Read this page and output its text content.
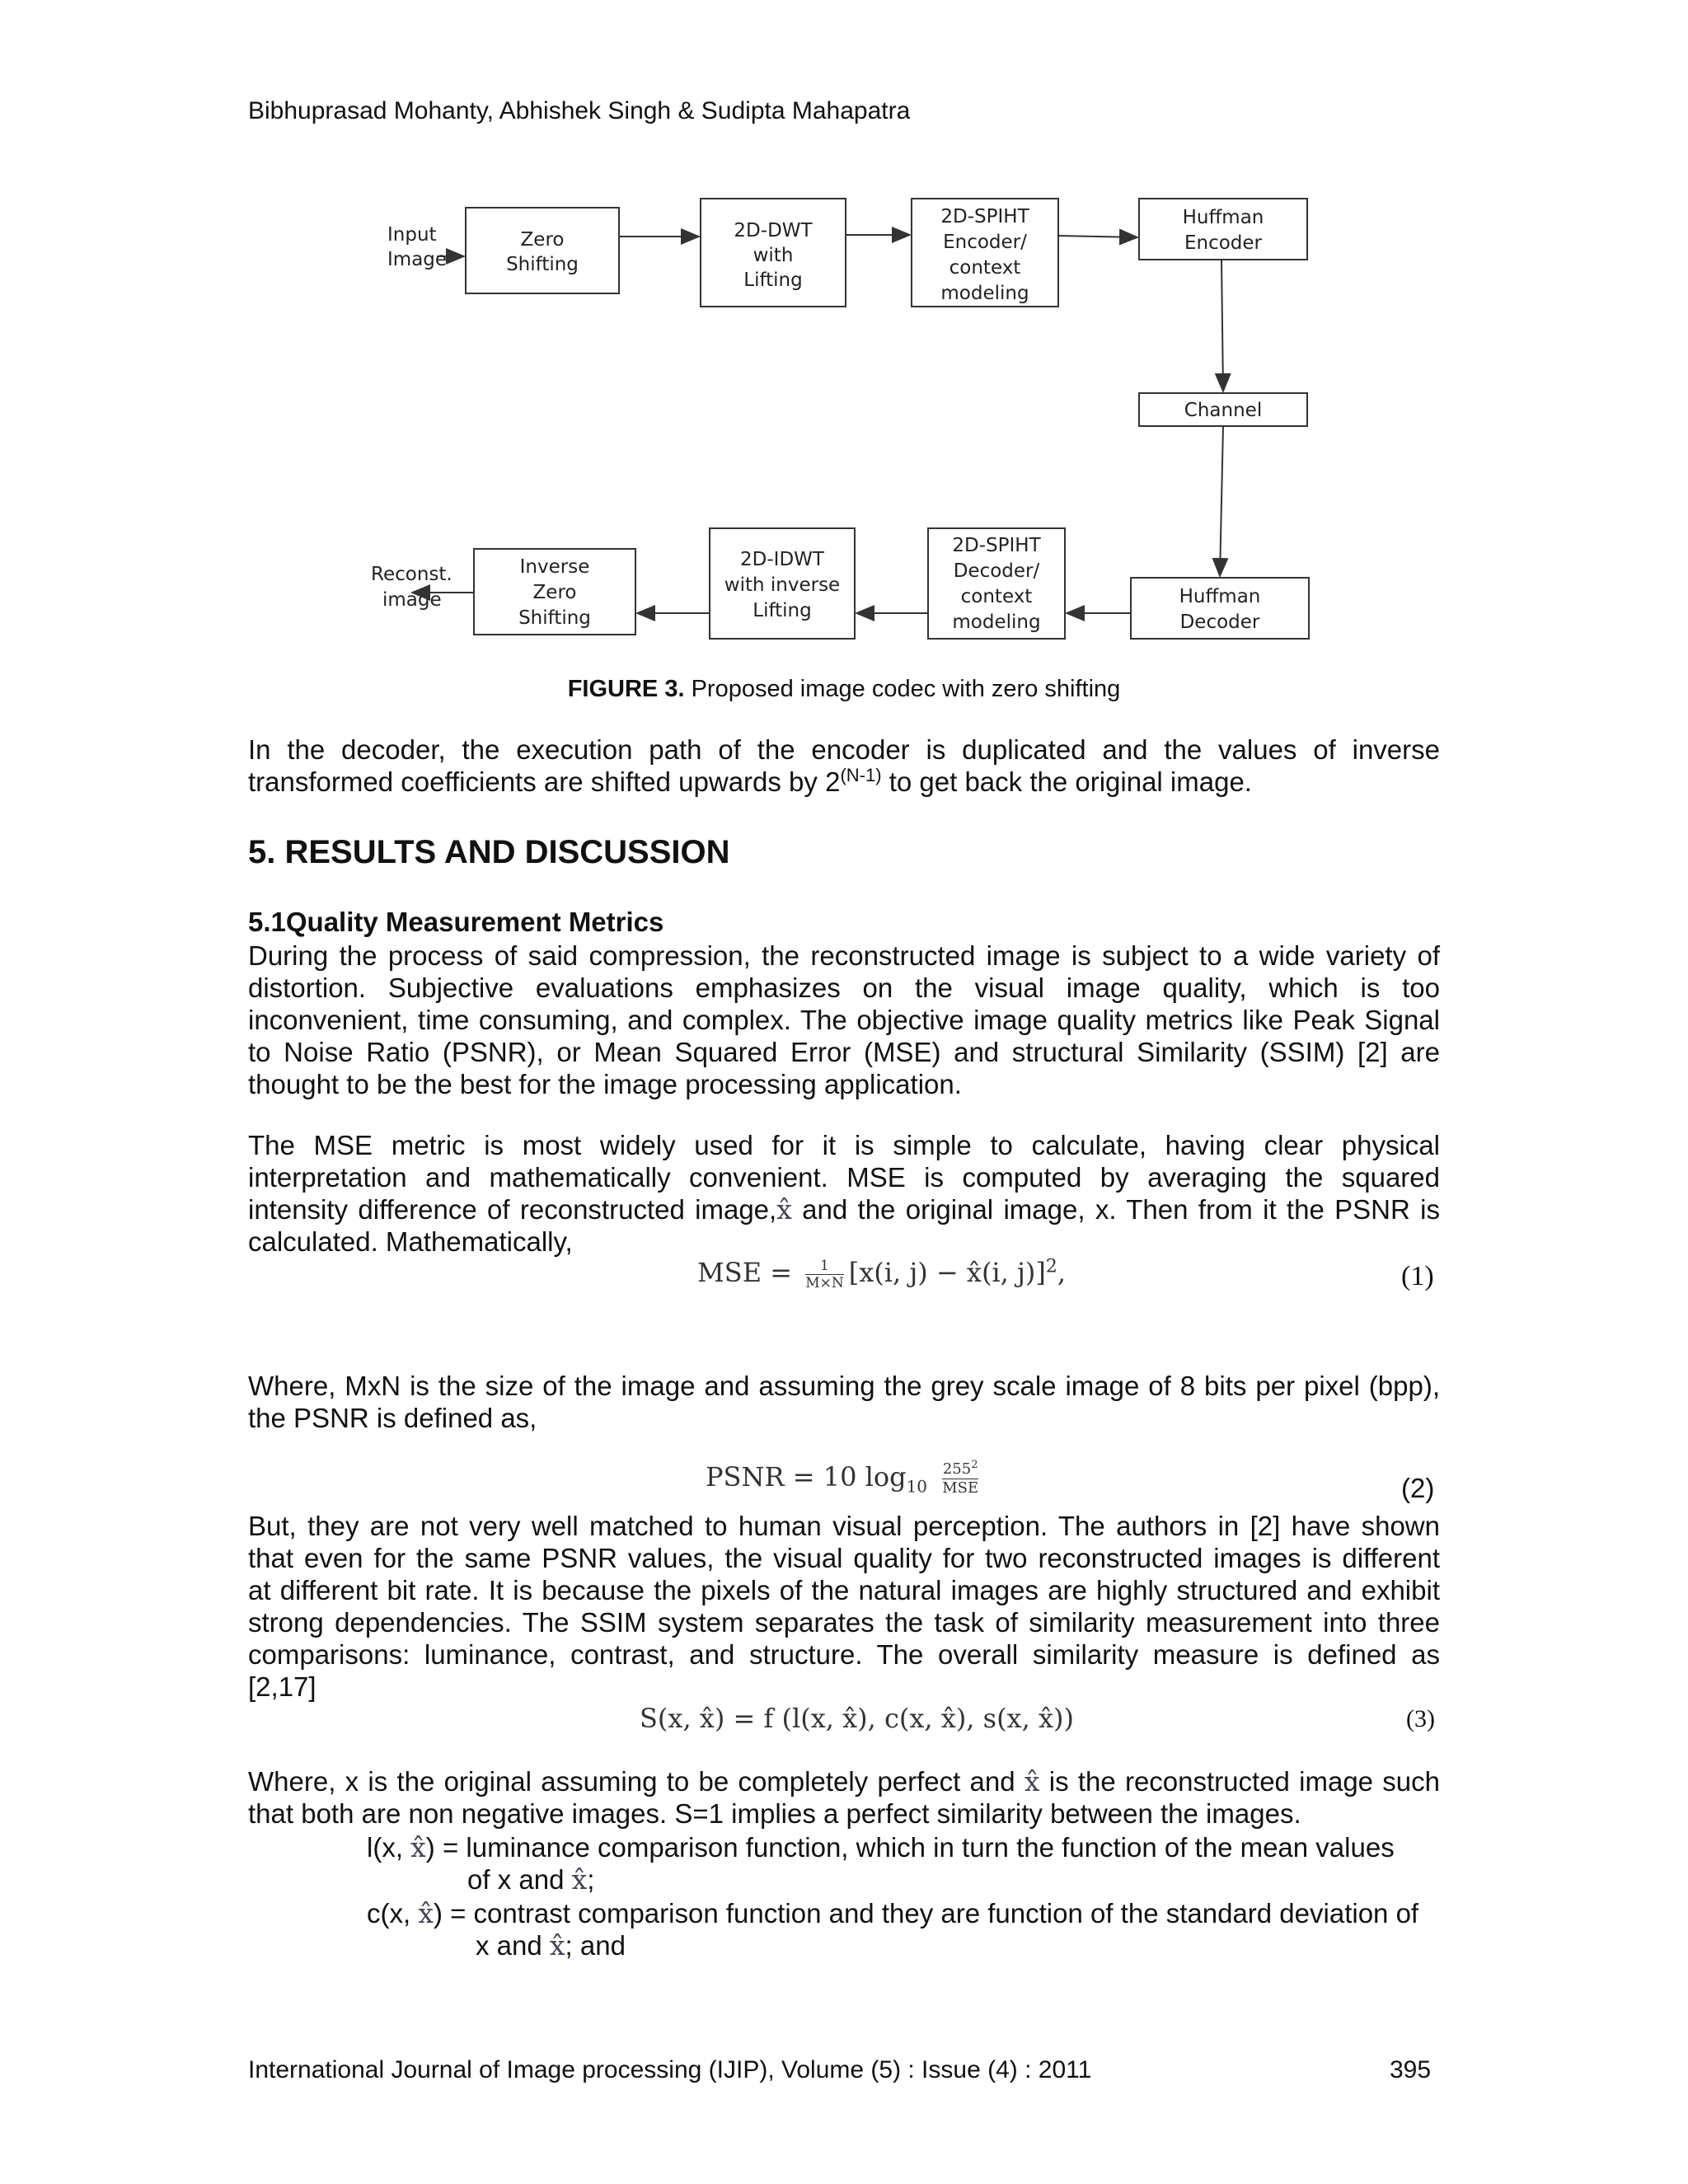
Bibhuprasad Mohanty, Abhishek Singh & Sudipta Mahapatra
Input
Image
Reconst.
image
Zero
Shifting
2D-DWT
with
Lifting
2D-SPIHT
Encoder/
context
modeling
Huffman
Encoder
Channel
Huffman
Decoder
2D-SPIHT
Decoder/
context
modeling
2D-IDWT
with inverse
Lifting
Inverse
Zero
Shifting
FIGURE 3. Proposed image codec with zero shifting
In the decoder, the execution path of the encoder is duplicated and the values of inverse
transformed coefficients are shifted upwards by $2^{(N-1)}$ to get back the original image.
5. RESULTS AND DISCUSSION
5.1Quality Measurement Metrics
During the process of said compression, the reconstructed image is subject to a wide variety of
distortion. Subjective evaluations emphasizes on the visual image quality, which is too
inconvenient, time consuming, and complex. The objective image quality metrics like Peak Signal
to Noise Ratio (PSNR), or Mean Squared Error (MSE) and structural Similarity (SSIM) [2] are
thought to be the best for the image processing application.
The MSE metric is most widely used for it is simple to calculate, having clear physical
interpretation and mathematically convenient. MSE is computed by averaging the squared
intensity difference of reconstructed image,x̂ and the original image, x. Then from it the PSNR is
calculated. Mathematically,
MSE = $\frac{1}{M\times N} [x(i$, j) − x̂(i, j)]$^2$,	(1)
Where, MxN is the size of the image and assuming the grey scale image of 8 bits per pixel (bpp),
the PSNR is defined as,
PSNR = 10 $\log_{10}$
$255^2$
MSE	(2)
But, they are not very well matched to human visual perception. The authors in [2] have shown
that even for the same PSNR values, the visual quality for two reconstructed images is different
at different bit rate. It is because the pixels of the natural images are highly structured and exhibit
strong dependencies. The SSIM system separates the task of similarity measurement into three
comparisons: luminance, contrast, and structure. The overall similarity measure is defined as
[2,17]
S(x, x̂) = f (l(x, x̂), c(x, x̂), s(x, x̂))	(3)
Where, x is the original assuming to be completely perfect and x̂ is the reconstructed image such
that both are non negative images. S=1 implies a perfect similarity between the images.
l(x, x̂) = luminance comparison function, which in turn the function of the mean values
of x and x̂;
c(x, x̂) = contrast comparison function and they are function of the standard deviation of
x and x̂; and
International Journal of Image processing (IJIP), Volume (5) : Issue (4) : 2011	395
